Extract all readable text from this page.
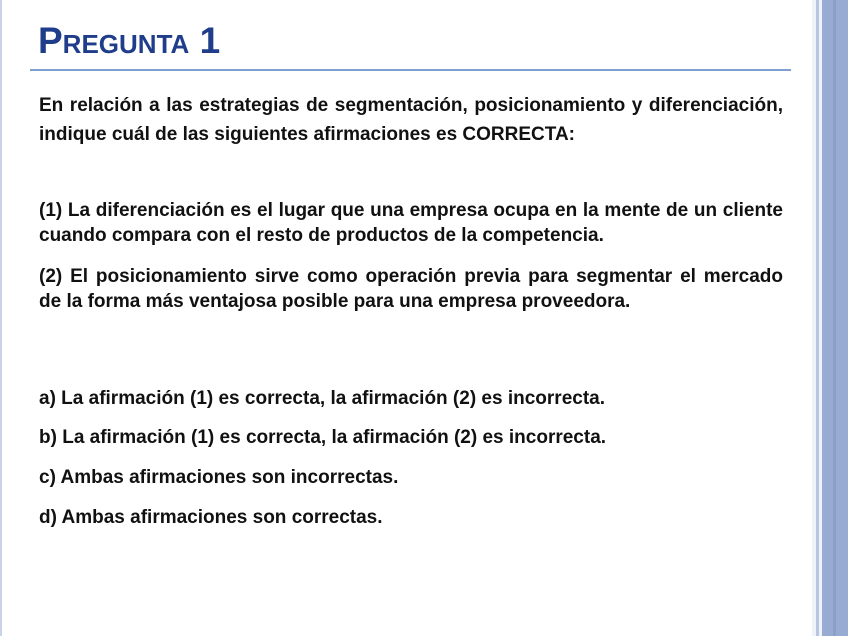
Pregunta 1

En relación a las estrategias de segmentación, posicionamiento y diferenciación, indique cuál de las siguientes afirmaciones es CORRECTA:

(1) La diferenciación es el lugar que una empresa ocupa en la mente de un cliente cuando compara con el resto de productos de la competencia.

(2) El posicionamiento sirve como operación previa para segmentar el mercado de la forma más ventajosa posible para una empresa proveedora.

a) La afirmación (1) es correcta, la afirmación (2) es incorrecta.

b) La afirmación (1) es correcta, la afirmación (2) es incorrecta.

c) Ambas afirmaciones son incorrectas.

d) Ambas afirmaciones son correctas.
